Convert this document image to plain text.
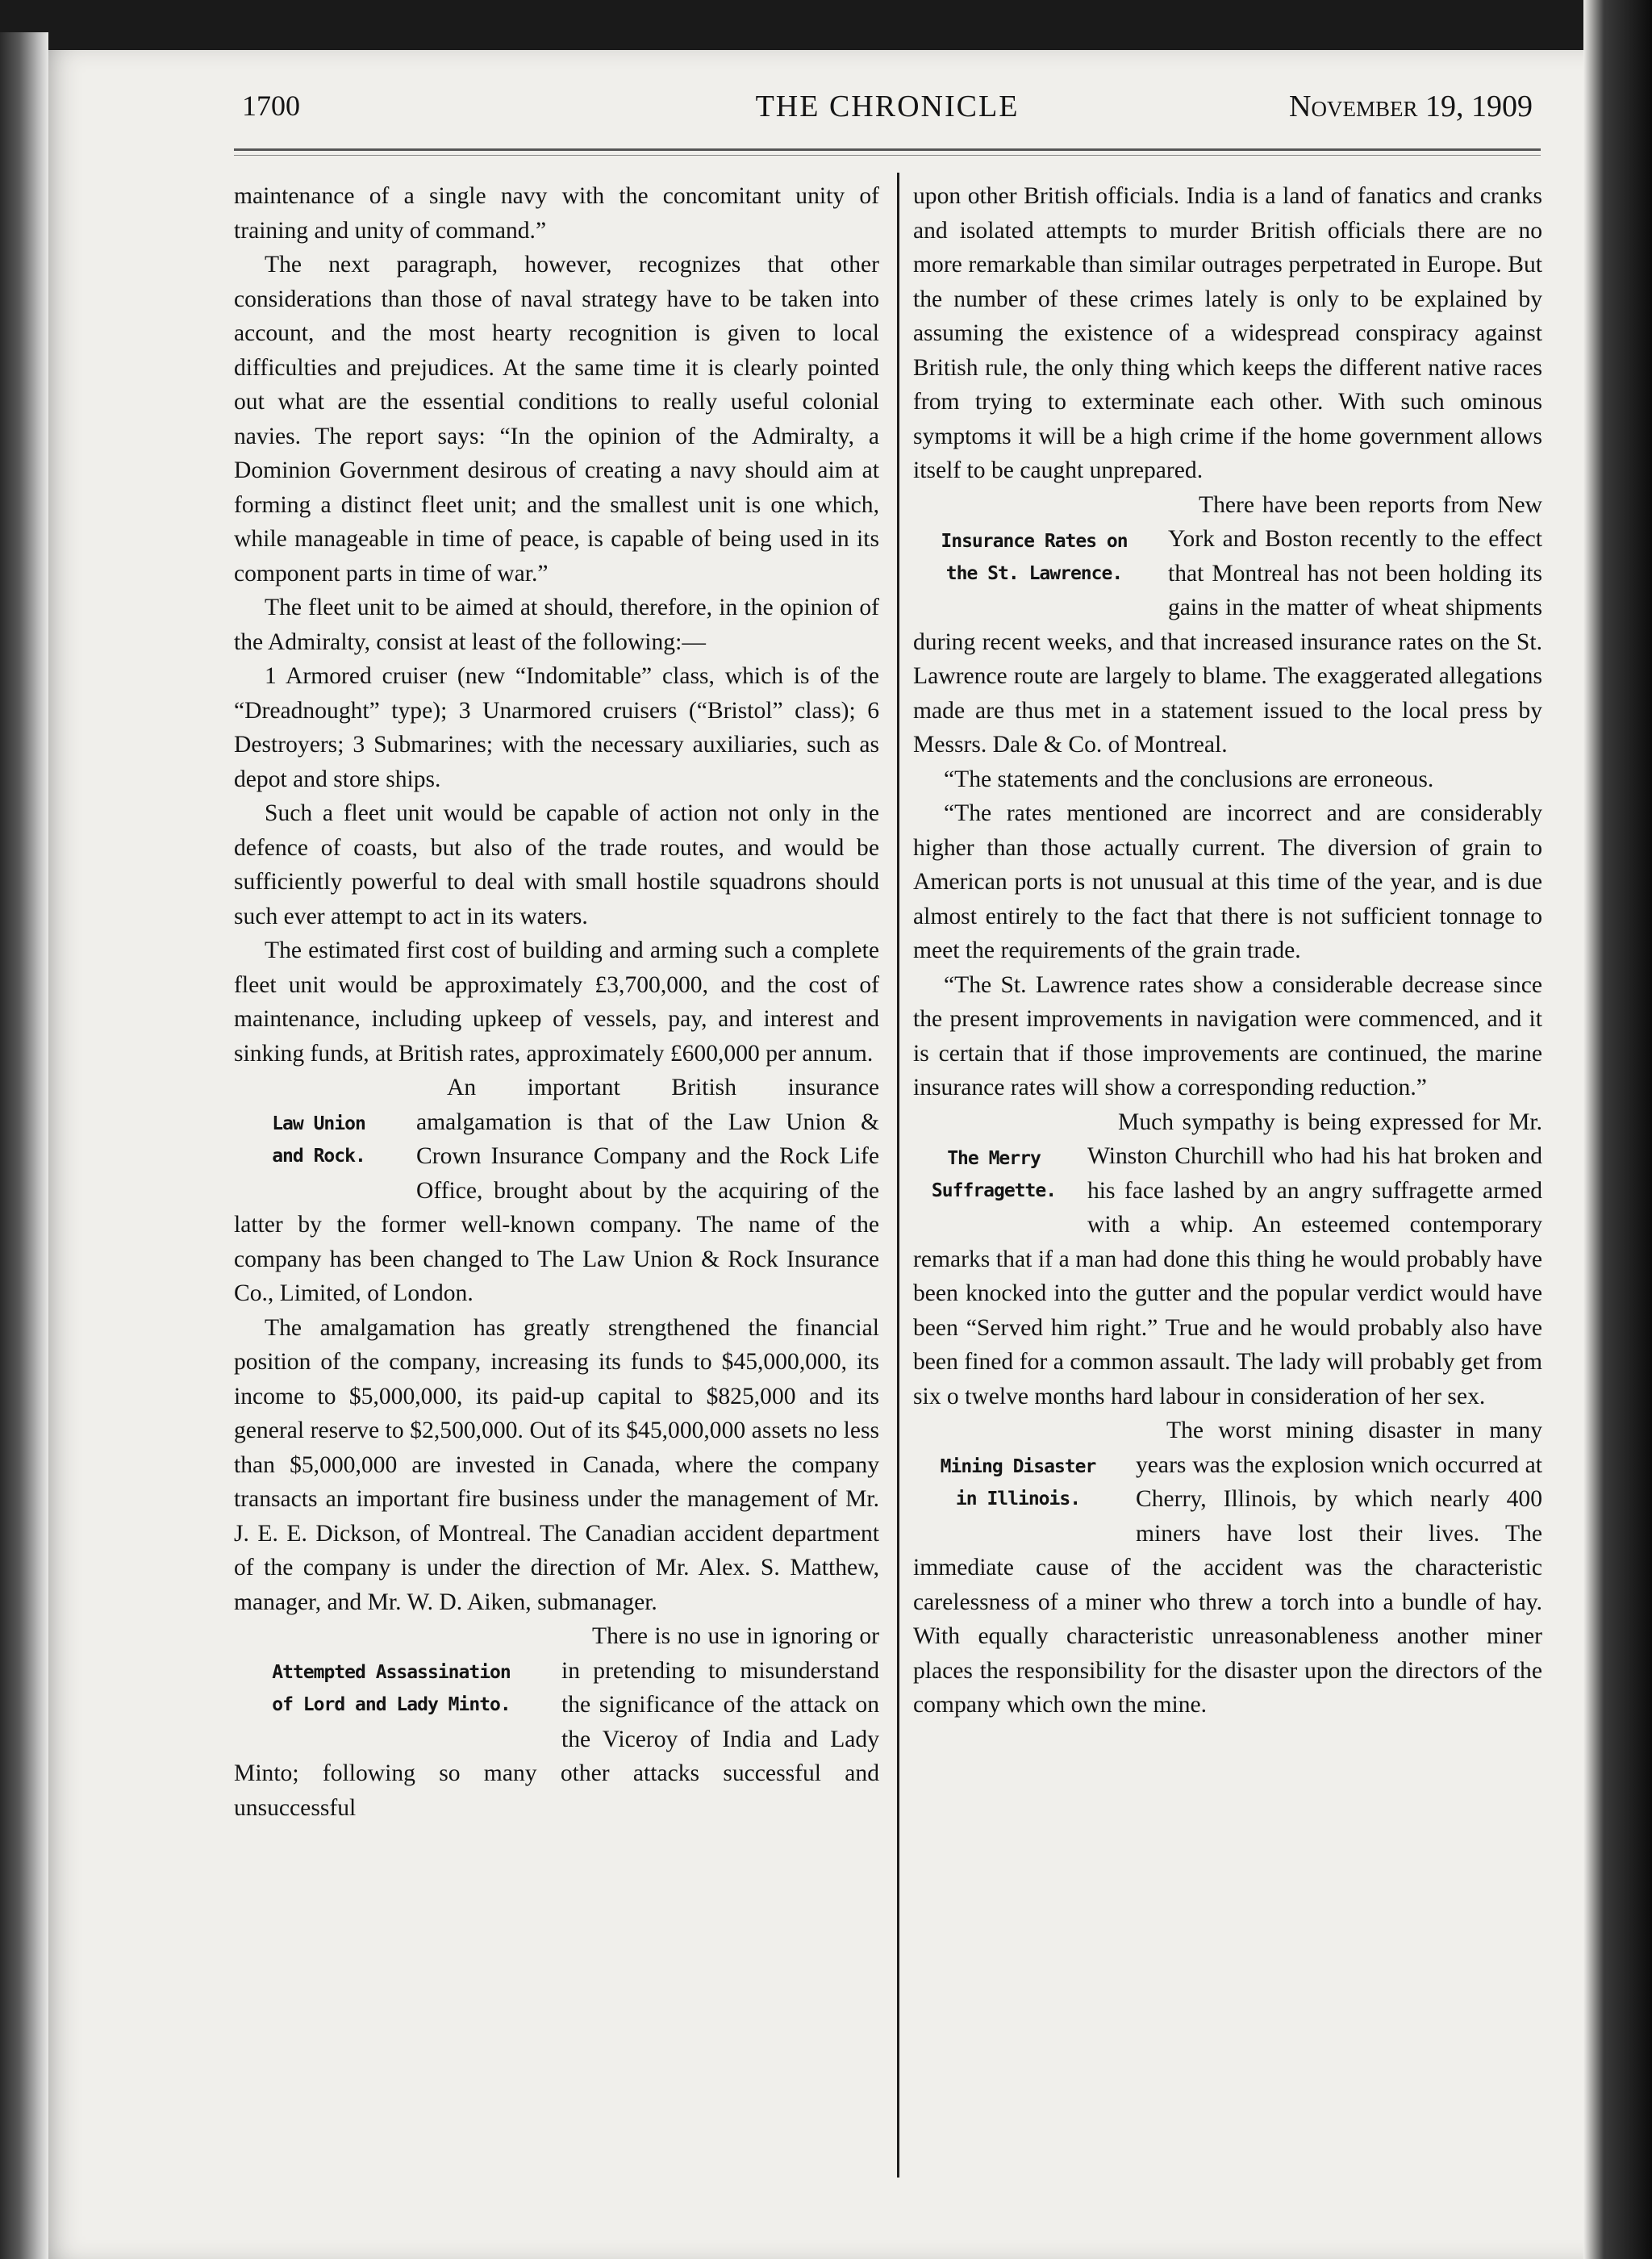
1700	THE CHRONICLE	November 19, 1909

maintenance of a single navy with the concomitant unity of training and unity of command.”

The next paragraph, however, recognizes that other considerations than those of naval strategy have to be taken into account, and the most hearty recognition is given to local difficulties and prejudices. At the same time it is clearly pointed out what are the essential conditions to really useful colonial navies. The report says: “In the opinion of the Admiralty, a Dominion Government desirous of creating a navy should aim at forming a distinct fleet unit; and the smallest unit is one which, while manageable in time of peace, is capable of being used in its component parts in time of war.”

The fleet unit to be aimed at should, therefore, in the opinion of the Admiralty, consist at least of the following:—

1 Armored cruiser (new “Indomitable” class, which is of the “Dreadnought” type); 3 Unarmored cruisers (“Bristol” class); 6 Destroyers; 3 Submarines; with the necessary auxiliaries, such as depot and store ships.

Such a fleet unit would be capable of action not only in the defence of coasts, but also of the trade routes, and would be sufficiently powerful to deal with small hostile squadrons should such ever attempt to act in its waters.

The estimated first cost of building and arming such a complete fleet unit would be approximately £3,700,000, and the cost of maintenance, including upkeep of vessels, pay, and interest and sinking funds, at British rates, approximately £600,000 per annum.

Law Union
and Rock.

An important British insurance amalgamation is that of the Law Union & Crown Insurance Company and the Rock Life Office, brought about by the acquiring of the latter by the former well-known company. The name of the company has been changed to The Law Union & Rock Insurance Co., Limited, of London.

The amalgamation has greatly strengthened the financial position of the company, increasing its funds to $45,000,000, its income to $5,000,000, its paid-up capital to $825,000 and its general reserve to $2,500,000. Out of its $45,000,000 assets no less than $5,000,000 are invested in Canada, where the company transacts an important fire business under the management of Mr. J. E. E. Dickson, of Montreal. The Canadian accident department of the company is under the direction of Mr. Alex. S. Matthew, manager, and Mr. W. D. Aiken, submanager.

Attempted Assassination
of Lord and Lady Minto.

There is no use in ignoring or in pretending to misunderstand the significance of the attack on the Viceroy of India and Lady Minto; following so many other attacks successful and unsuccessful

upon other British officials. India is a land of fanatics and cranks and isolated attempts to murder British officials there are no more remarkable than similar outrages perpetrated in Europe. But the number of these crimes lately is only to be explained by assuming the existence of a widespread conspiracy against British rule, the only thing which keeps the different native races from trying to exterminate each other. With such ominous symptoms it will be a high crime if the home government allows itself to be caught unprepared.

Insurance Rates on
the St. Lawrence.

There have been reports from New York and Boston recently to the effect that Montreal has not been holding its gains in the matter of wheat shipments during recent weeks, and that increased insurance rates on the St. Lawrence route are largely to blame. The exaggerated allegations made are thus met in a statement issued to the local press by Messrs. Dale & Co. of Montreal.

“The statements and the conclusions are erroneous.

“The rates mentioned are incorrect and are considerably higher than those actually current. The diversion of grain to American ports is not unusual at this time of the year, and is due almost entirely to the fact that there is not sufficient tonnage to meet the requirements of the grain trade.

“The St. Lawrence rates show a considerable decrease since the present improvements in navigation were commenced, and it is certain that if those improvements are continued, the marine insurance rates will show a corresponding reduction.”

The Merry
Suffragette.

Much sympathy is being expressed for Mr. Winston Churchill who had his hat broken and his face lashed by an angry suffragette armed with a whip. An esteemed contemporary remarks that if a man had done this thing he would probably have been knocked into the gutter and the popular verdict would have been “Served him right.” True and he would probably also have been fined for a common assault. The lady will probably get from six o twelve months hard labour in consideration of her sex.

Mining Disaster
in Illinois.

The worst mining disaster in many years was the explosion wnich occurred at Cherry, Illinois, by which nearly 400 miners have lost their lives. The immediate cause of the accident was the characteristic carelessness of a miner who threw a torch into a bundle of hay. With equally characteristic unreasonableness another miner places the responsibility for the disaster upon the directors of the company which own the mine.
